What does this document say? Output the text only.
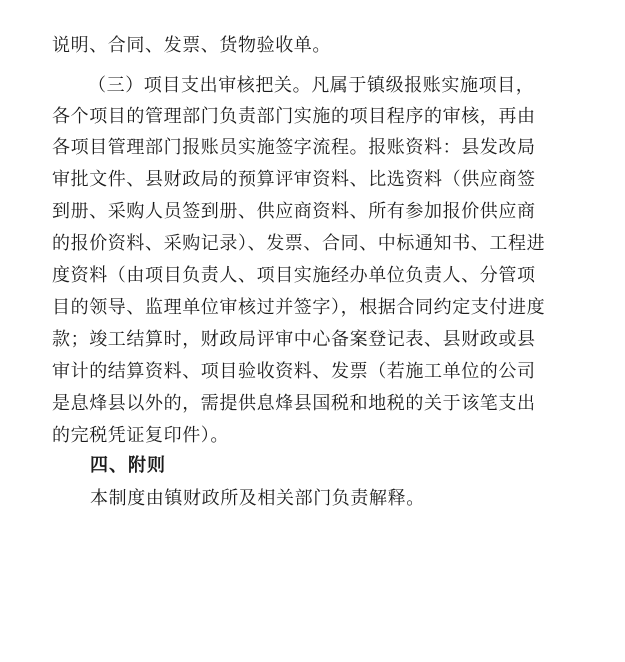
说明、合同、发票、货物验收单。
（三）项目支出审核把关。凡属于镇级报账实施项目，
各个项目的管理部门负责部门实施的项目程序的审核，再由
各项目管理部门报账员实施签字流程。报账资料：县发改局
审批文件、县财政局的预算评审资料、比选资料（供应商签
到册、采购人员签到册、供应商资料、所有参加报价供应商
的报价资料、采购记录）、发票、合同、中标通知书、工程进
度资料（由项目负责人、项目实施经办单位负责人、分管项
目的领导、监理单位审核过并签字），根据合同约定支付进度
款；竣工结算时，财政局评审中心备案登记表、县财政或县
审计的结算资料、项目验收资料、发票（若施工单位的公司
是息烽县以外的，需提供息烽县国税和地税的关于该笔支出
的完税凭证复印件）。
四、附则
本制度由镇财政所及相关部门负责解释。
